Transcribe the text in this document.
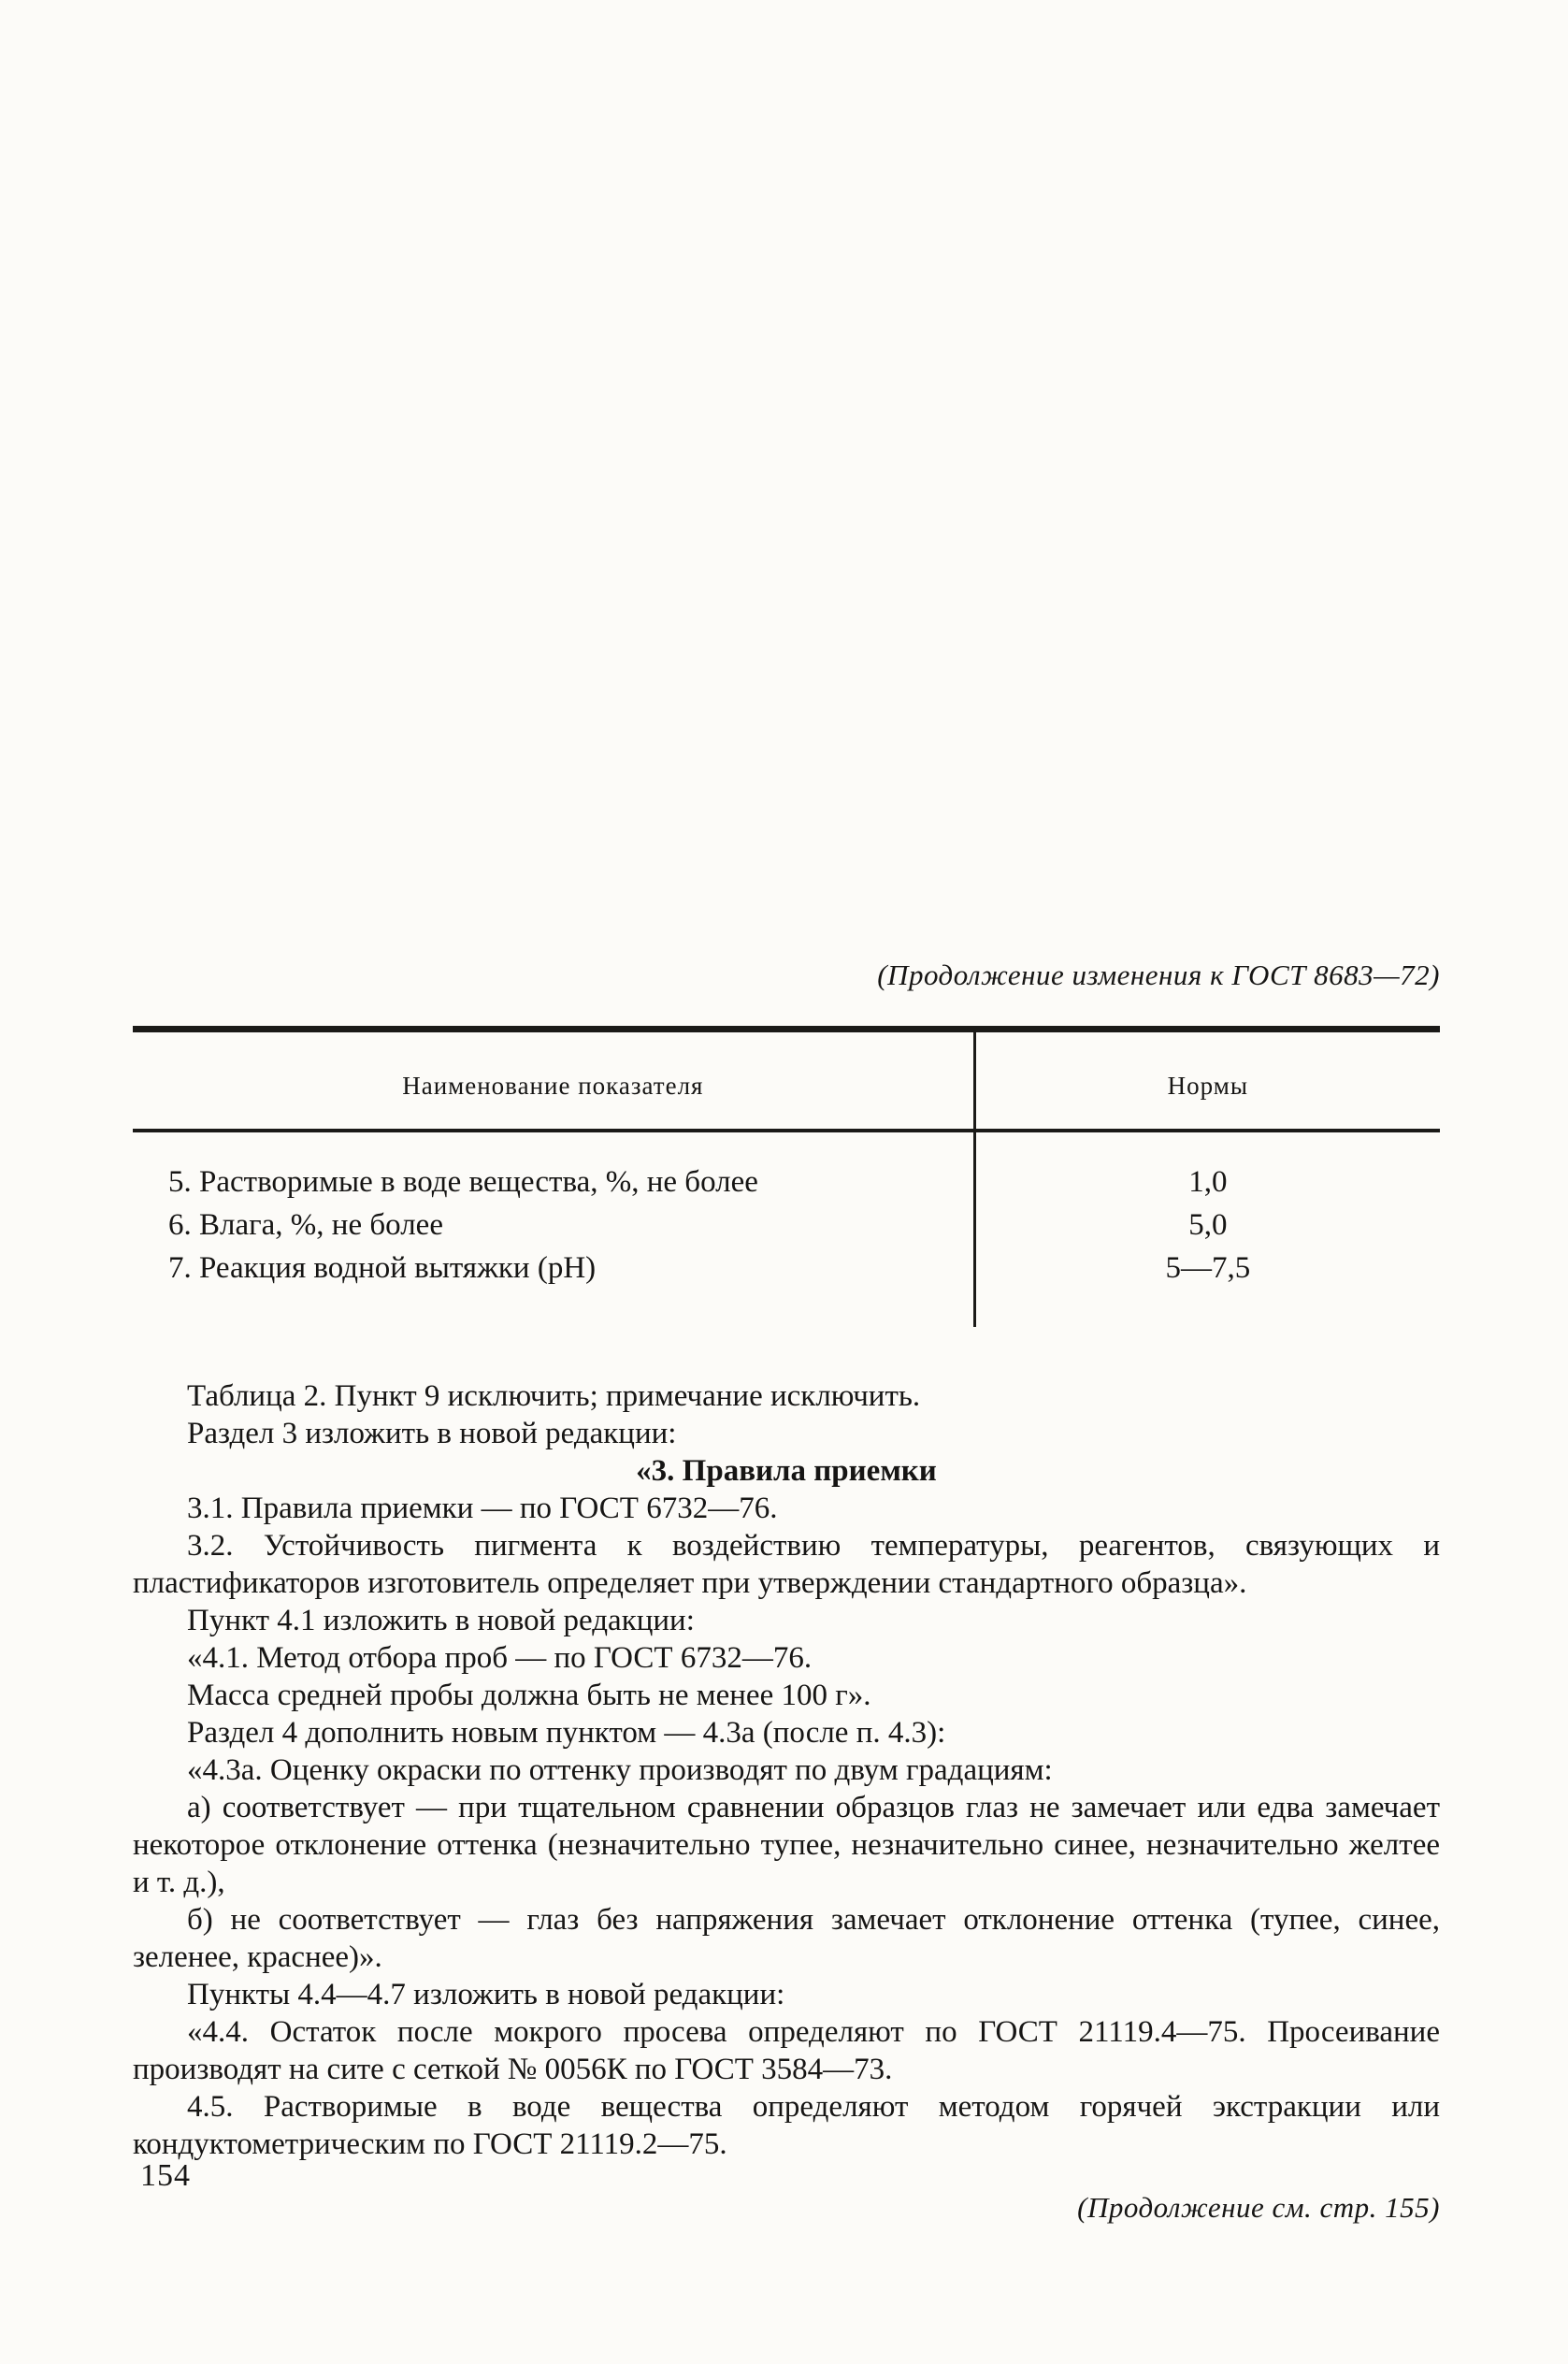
(Продолжение изменения к ГОСТ 8683—72)
Наименование показателя	Нормы
5. Растворимые в воде вещества, %, не более	1,0
6. Влага, %, не более	5,0
7. Реакция водной вытяжки (рН)	5—7,5

Таблица 2. Пункт 9 исключить; примечание исключить.

Раздел 3 изложить в новой редакции:

«3. Правила приемки

3.1. Правила приемки — по ГОСТ 6732—76.

3.2. Устойчивость пигмента к воздействию температуры, реагентов, связующих и пластификаторов изготовитель определяет при утверждении стандартного образца».

Пункт 4.1 изложить в новой редакции:

«4.1. Метод отбора проб — по ГОСТ 6732—76.

Масса средней пробы должна быть не менее 100 г».

Раздел 4 дополнить новым пунктом — 4.3а (после п. 4.3):

«4.3а. Оценку окраски по оттенку производят по двум градациям:

а) соответствует — при тщательном сравнении образцов глаз не замечает или едва замечает некоторое отклонение оттенка (незначительно тупее, незначительно синее, незначительно желтее и т. д.),

б) не соответствует — глаз без напряжения замечает отклонение оттенка (тупее, синее, зеленее, краснее)».

Пункты 4.4—4.7 изложить в новой редакции:

«4.4. Остаток после мокрого просева определяют по ГОСТ 21119.4—75. Просеивание производят на сите с сеткой № 0056К по ГОСТ 3584—73.

4.5. Растворимые в воде вещества определяют методом горячей экстракции или кондуктометрическим по ГОСТ 21119.2—75.

(Продолжение см. стр. 155)
154
